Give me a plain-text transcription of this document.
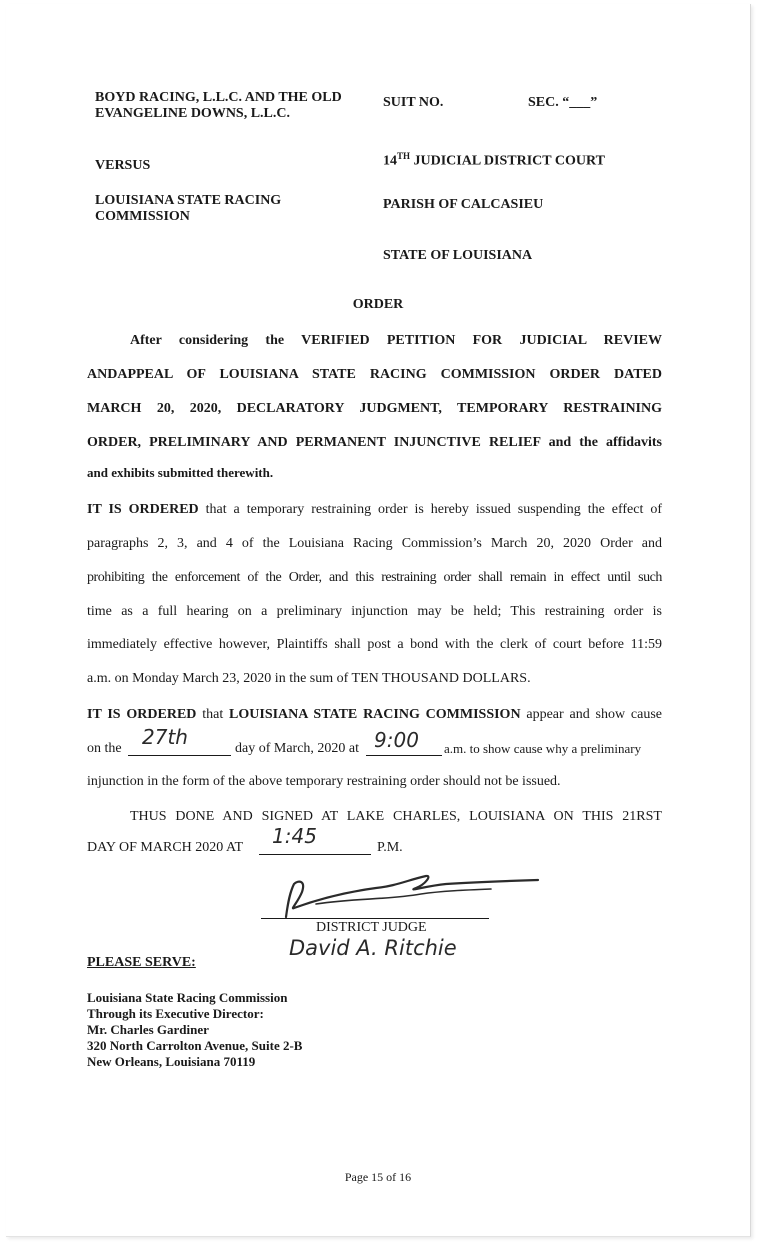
BOYD RACING, L.L.C. AND THE OLD
EVANGELINE DOWNS, L.L.C.
VERSUS
LOUISIANA STATE RACING
COMMISSION
SUIT NO.	SEC. “___”
14TH JUDICIAL DISTRICT COURT
PARISH OF CALCASIEU
STATE OF LOUISIANA
ORDER
After considering the VERIFIED PETITION FOR JUDICIAL REVIEW
ANDAPPEAL OF LOUISIANA STATE RACING COMMISSION ORDER DATED
MARCH 20, 2020, DECLARATORY JUDGMENT, TEMPORARY RESTRAINING
ORDER, PRELIMINARY AND PERMANENT INJUNCTIVE RELIEF and the affidavits
and exhibits submitted therewith.
IT IS ORDERED that a temporary restraining order is hereby issued suspending the effect of
paragraphs 2, 3, and 4 of the Louisiana Racing Commission’s March 20, 2020 Order and
prohibiting the enforcement of the Order, and this restraining order shall remain in effect until such
time as a full hearing on a preliminary injunction may be held; This restraining order is
immediately effective however, Plaintiffs shall post a bond with the clerk of court before 11:59
a.m. on Monday March 23, 2020 in the sum of TEN THOUSAND DOLLARS.
IT IS ORDERED that LOUISIANA STATE RACING COMMISSION appear and show cause
on the 27th	day of March, 2020 at 9:00 a.m. to show cause why a preliminary
injunction in the form of the above temporary restraining order should not be issued.
THUS DONE AND SIGNED AT LAKE CHARLES, LOUISIANA ON THIS 21RST
DAY OF MARCH 2020 AT 1:45	P.M.
DISTRICT JUDGE
David A. Ritchie
PLEASE SERVE:
Louisiana State Racing Commission
Through its Executive Director:
Mr. Charles Gardiner
320 North Carrolton Avenue, Suite 2-B
New Orleans, Louisiana 70119
Page 15 of 16
